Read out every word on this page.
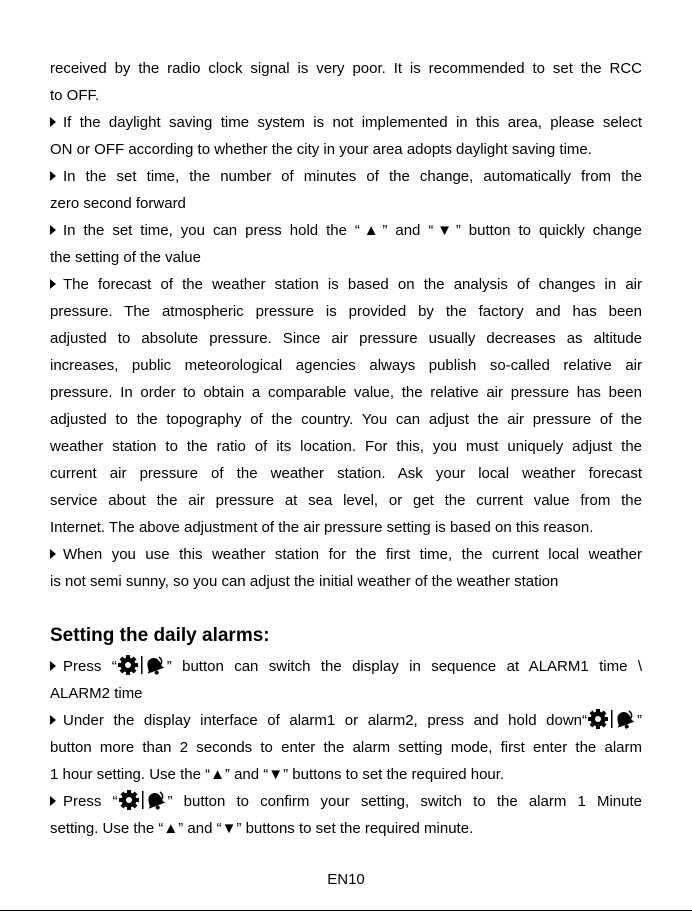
received by the radio clock signal is very poor. It is recommended to set the RCC
to OFF.
If the daylight saving time system is not implemented in this area, please select
ON or OFF according to whether the city in your area adopts daylight saving time.
In the set time, the number of minutes of the change, automatically from the
zero second forward
In the set time, you can press hold the “▲” and “▼” button to quickly change
the setting of the value
The forecast of the weather station is based on the analysis of changes in air
pressure. The atmospheric pressure is provided by the factory and has been
adjusted to absolute pressure. Since air pressure usually decreases as altitude
increases, public meteorological agencies always publish so-called relative air
pressure. In order to obtain a comparable value, the relative air pressure has been
adjusted to the topography of the country. You can adjust the air pressure of the
weather station to the ratio of its location. For this, you must uniquely adjust the
current air pressure of the weather station. Ask your local weather forecast
service about the air pressure at sea level, or get the current value from the
Internet. The above adjustment of the air pressure setting is based on this reason.
When you use this weather station for the first time, the current local weather
is not semi sunny, so you can adjust the initial weather of the weather station
Setting the daily alarms:
Press “	” button can switch the display in sequence at ALARM1 time \
ALARM2 time
Under the display interface of alarm1 or alarm2, press and hold down“	”
button more than 2 seconds to enter the alarm setting mode, first enter the alarm
1 hour setting. Use the “▲” and “▼” buttons to set the required hour.
Press “	” button to confirm your setting, switch to the alarm 1 Minute
setting. Use the “▲” and “▼” buttons to set the required minute.
EN10
